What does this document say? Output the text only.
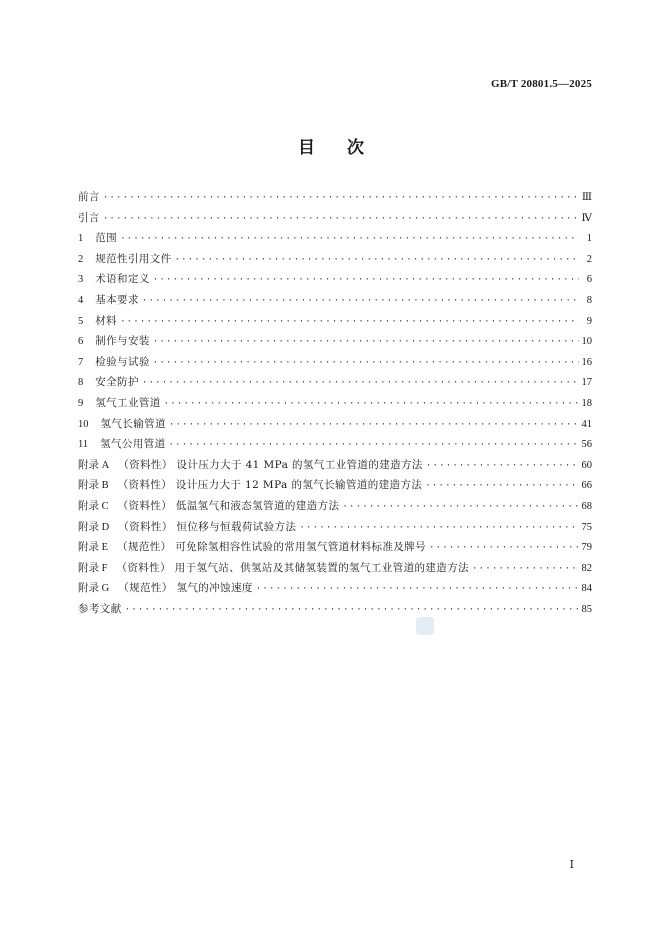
GB/T 20801.5—2025
目次
前言 ·····	Ⅲ
引言 ·····	Ⅳ
1	范围 ·····	1
2	规范性引用文件 ·····	2
3	术语和定义 ·····	6
4	基本要求 ·····	8
5	材料 ·····	9
6	制作与安装 ·····	10
7	检验与试验 ·····	16
8	安全防护 ·····	17
9	氢气工业管道 ·····	18
10	氢气长输管道 ·····	41
11	氢气公用管道 ·····	56
附录 A （资料性） 设计压力大于 41 MPa 的氢气工业管道的建造方法 ·····	60
附录 B （资料性） 设计压力大于 12 MPa 的氢气长输管道的建造方法 ·····	66
附录 C （资料性） 低温氢气和液态氢管道的建造方法 ·····	68
附录 D （资料性） 恒位移与恒载荷试验方法 ·····	75
附录 E （规范性） 可免除氢相容性试验的常用氢气管道材料标准及牌号 ·····	79
附录 F （资料性） 用于氢气站、供氢站及其储氢装置的氢气工业管道的建造方法 ·····	82
附录 G （规范性） 氢气的冲蚀速度 ·····	84
参考文献 ·····	85
Ⅰ
